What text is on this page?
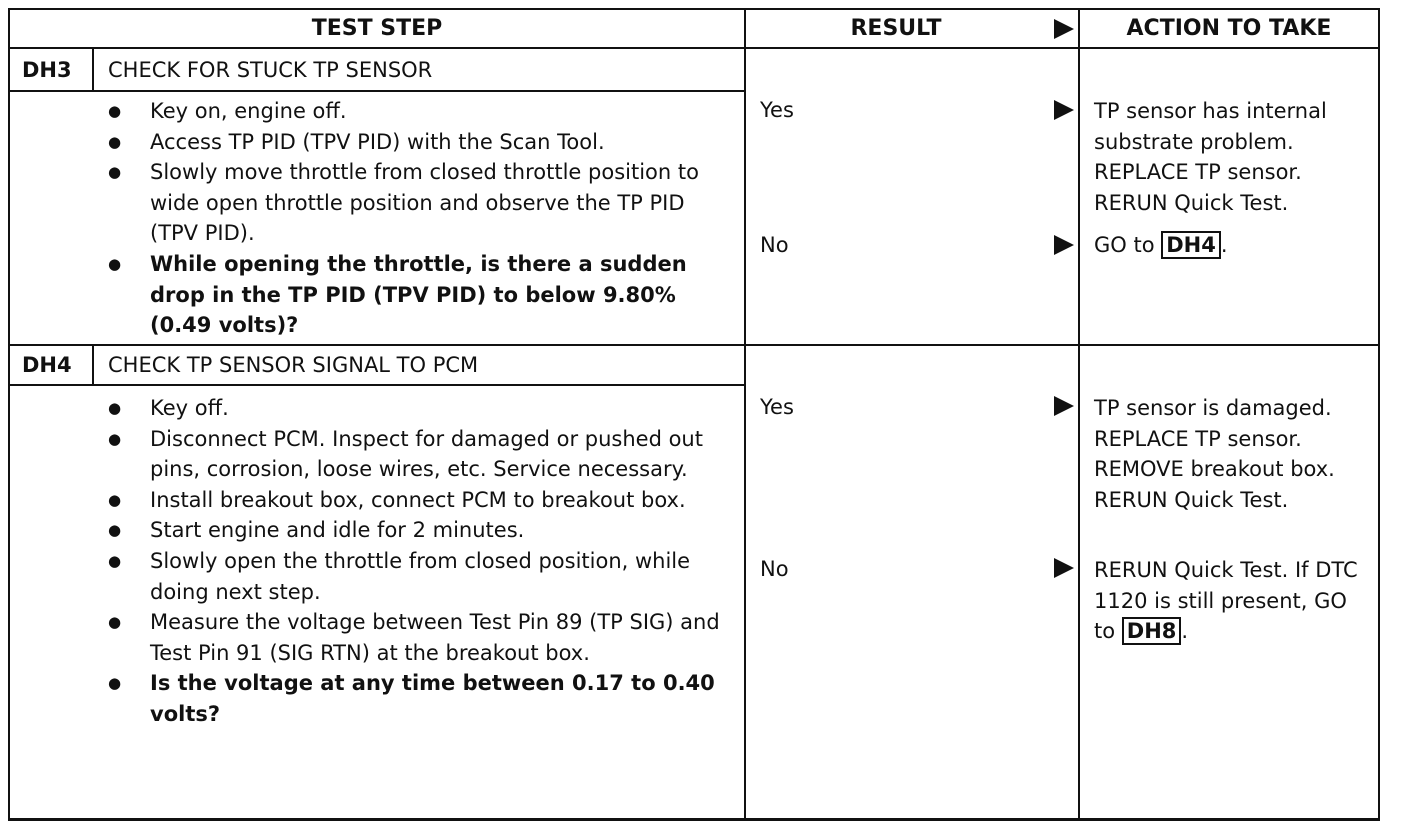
TEST STEP	RESULT	ACTION TO TAKE
DH3 CHECK FOR STUCK TP SENSOR
● Key on, engine off.
● Access TP PID (TPV PID) with the Scan Tool.
● Slowly move throttle from closed throttle position to wide open throttle position and observe the TP PID (TPV PID).
● While opening the throttle, is there a sudden drop in the TP PID (TPV PID) to below 9.80% (0.49 volts)?
Yes	TP sensor has internal substrate problem. REPLACE TP sensor. RERUN Quick Test.
No	GO to DH4 .
DH4 CHECK TP SENSOR SIGNAL TO PCM
● Key off.
● Disconnect PCM. Inspect for damaged or pushed out pins, corrosion, loose wires, etc. Service necessary.
● Install breakout box, connect PCM to breakout box.
● Start engine and idle for 2 minutes.
● Slowly open the throttle from closed position, while doing next step.
● Measure the voltage between Test Pin 89 (TP SIG) and Test Pin 91 (SIG RTN) at the breakout box.
● Is the voltage at any time between 0.17 to 0.40 volts?
Yes	TP sensor is damaged. REPLACE TP sensor. REMOVE breakout box. RERUN Quick Test.
No	RERUN Quick Test. If DTC 1120 is still present, GO to DH8 .
